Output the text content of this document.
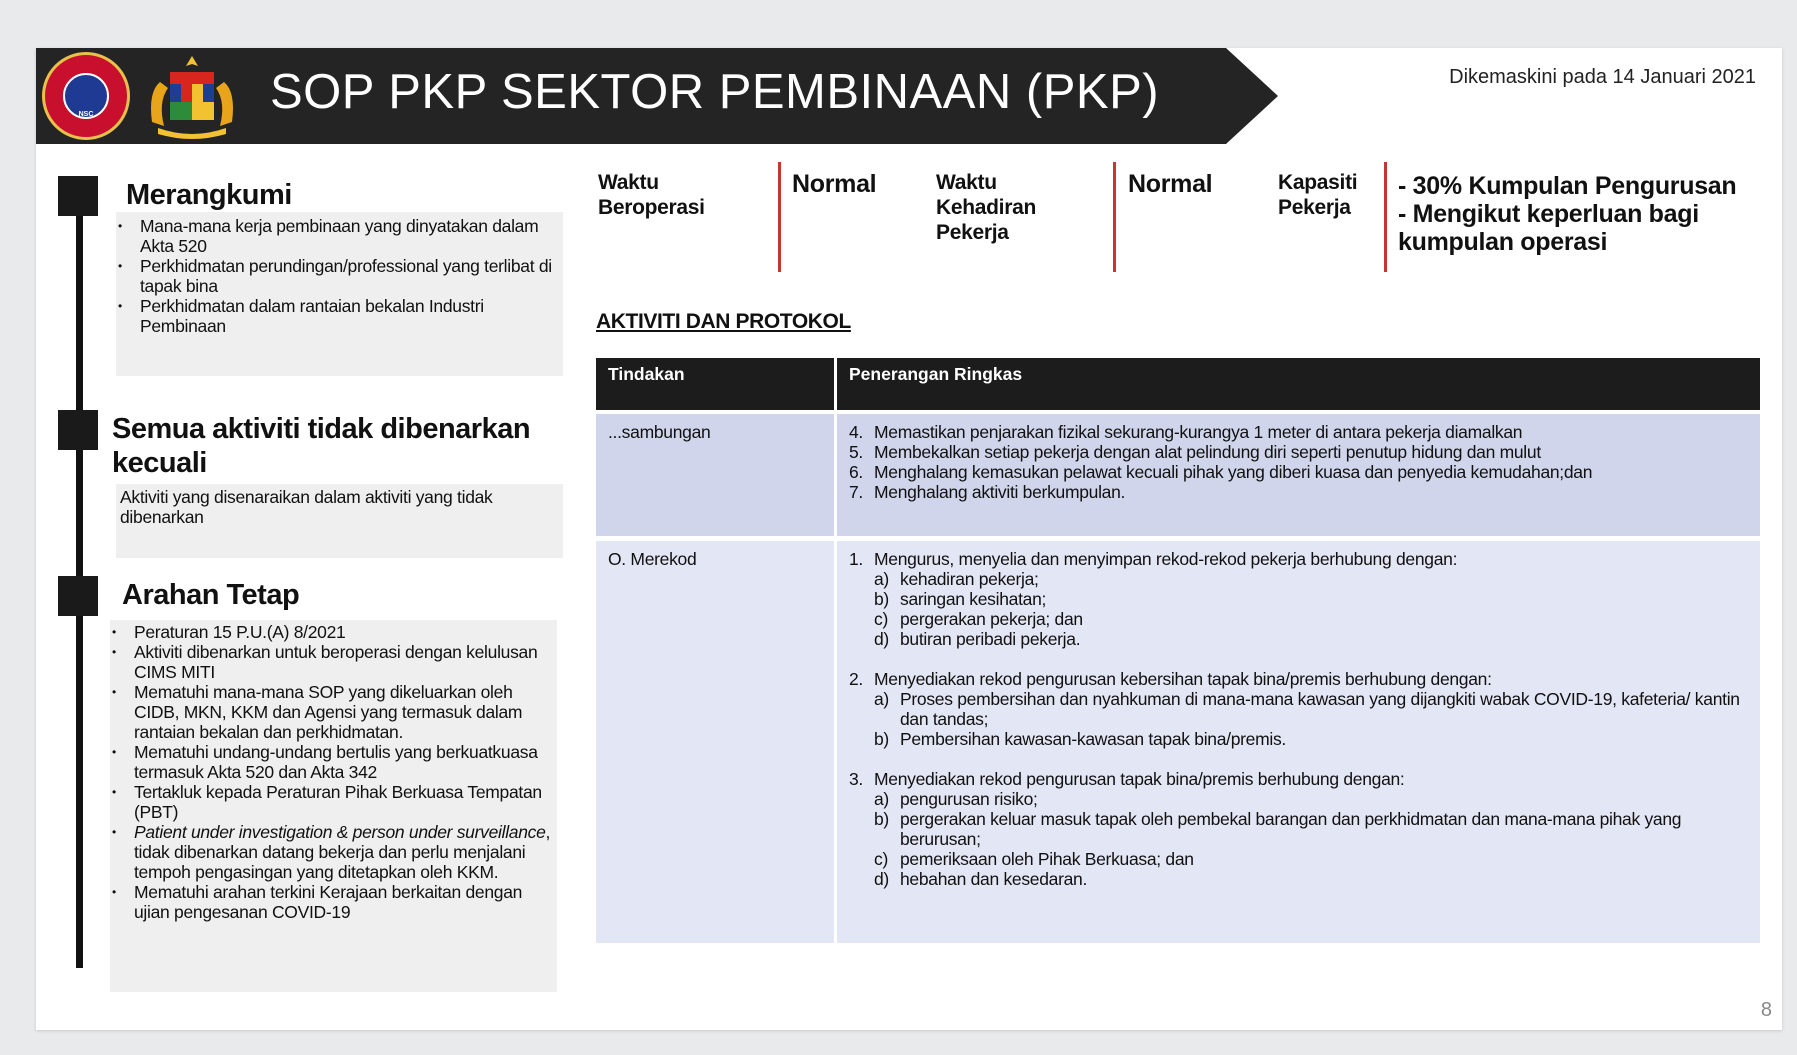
NSC	SOP PKP SEKTOR PEMBINAAN (PKP)	Dikemaskini pada 14 Januari 2021
Merangkumi
• Mana-mana kerja pembinaan yang dinyatakan dalam Akta 520
• Perkhidmatan perundingan/professional yang terlibat di tapak bina
• Perkhidmatan dalam rantaian bekalan Industri Pembinaan
Semua aktiviti tidak dibenarkan kecuali
Aktiviti yang disenaraikan dalam aktiviti yang tidak dibenarkan
Arahan Tetap
• Peraturan 15 P.U.(A) 8/2021
• Aktiviti dibenarkan untuk beroperasi dengan kelulusan CIMS MITI
• Mematuhi mana-mana SOP yang dikeluarkan oleh CIDB, MKN, KKM dan Agensi yang termasuk dalam rantaian bekalan dan perkhidmatan.
• Mematuhi undang-undang bertulis yang berkuatkuasa termasuk Akta 520 dan Akta 342
• Tertakluk kepada Peraturan Pihak Berkuasa Tempatan (PBT)
• Patient under investigation & person under surveillance, tidak dibenarkan datang bekerja dan perlu menjalani tempoh pengasingan yang ditetapkan oleh KKM.
• Mematuhi arahan terkini Kerajaan berkaitan dengan ujian pengesanan COVID-19
Waktu Beroperasi
Normal	Waktu Kehadiran Pekerja
Normal	Kapasiti Pekerja
- 30% Kumpulan Pengurusan
- Mengikut keperluan bagi kumpulan operasi
AKTIVITI DAN PROTOKOL
Tindakan	Penerangan Ringkas
...sambungan	4. Memastikan penjarakan fizikal sekurang-kurangya 1 meter di antara pekerja diamalkan
5. Membekalkan setiap pekerja dengan alat pelindung diri seperti penutup hidung dan mulut
6. Menghalang kemasukan pelawat kecuali pihak yang diberi kuasa dan penyedia kemudahan;dan
7. Menghalang aktiviti berkumpulan.
O. Merekod	1. Mengurus, menyelia dan menyimpan rekod-rekod pekerja berhubung dengan:
a) kehadiran pekerja;
b) saringan kesihatan;
c) pergerakan pekerja; dan
d) butiran peribadi pekerja.
2. Menyediakan rekod pengurusan kebersihan tapak bina/premis berhubung dengan:
a) Proses pembersihan dan nyahkuman di mana-mana kawasan yang dijangkiti wabak COVID-19, kafeteria/ kantin dan tandas;
b) Pembersihan kawasan-kawasan tapak bina/premis.
3. Menyediakan rekod pengurusan tapak bina/premis berhubung dengan:
a) pengurusan risiko;
b) pergerakan keluar masuk tapak oleh pembekal barangan dan perkhidmatan dan mana-mana pihak yang berurusan;
c) pemeriksaan oleh Pihak Berkuasa; dan
d) hebahan dan kesedaran.
8
